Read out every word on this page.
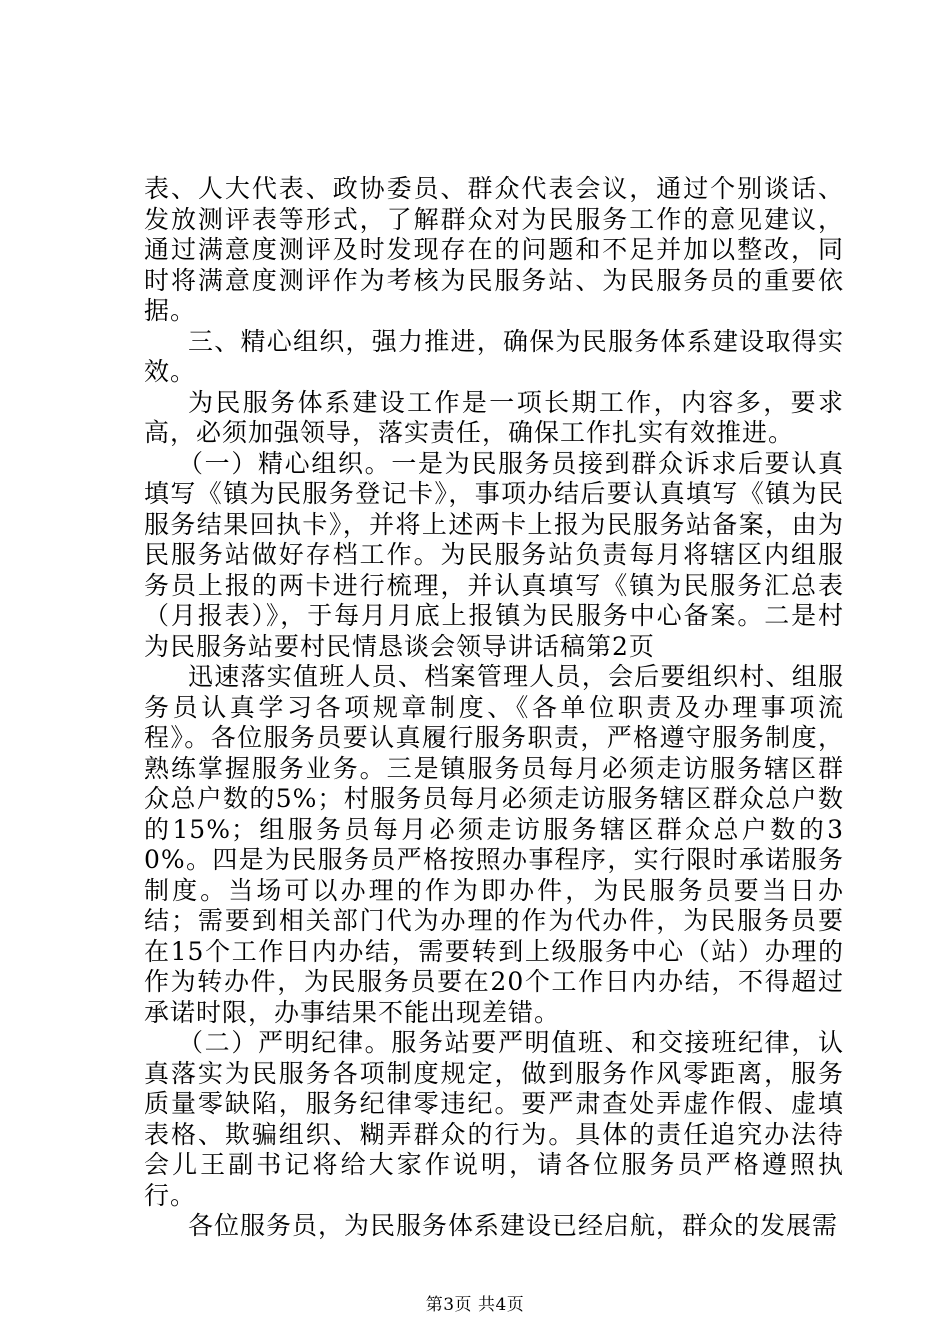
表、人大代表、政协委员、群众代表会议，通过个别谈话、发放测评表等形式，了解群众对为民服务工作的意见建议，通过满意度测评及时发现存在的问题和不足并加以整改，同时将满意度测评作为考核为民服务站、为民服务员的重要依据。

三、精心组织，强力推进，确保为民服务体系建设取得实效。

为民服务体系建设工作是一项长期工作，内容多，要求高，必须加强领导，落实责任，确保工作扎实有效推进。

（一）精心组织。一是为民服务员接到群众诉求后要认真填写《镇为民服务登记卡》，事项办结后要认真填写《镇为民服务结果回执卡》，并将上述两卡上报为民服务站备案，由为民服务站做好存档工作。为民服务站负责每月将辖区内组服务员上报的两卡进行梳理，并认真填写《镇为民服务汇总表（月报表）》，于每月月底上报镇为民服务中心备案。二是村为民服务站要村民情恳谈会领导讲话稿第2页

迅速落实值班人员、档案管理人员，会后要组织村、组服务员认真学习各项规章制度、《各单位职责及办理事项流程》。各位服务员要认真履行服务职责，严格遵守服务制度，熟练掌握服务业务。三是镇服务员每月必须走访服务辖区群众总户数的5%；村服务员每月必须走访服务辖区群众总户数的15%；组服务员每月必须走访服务辖区群众总户数的30%。四是为民服务员严格按照办事程序，实行限时承诺服务制度。当场可以办理的作为即办件，为民服务员要当日办结；需要到相关部门代为办理的作为代办件，为民服务员要在15个工作日内办结，需要转到上级服务中心（站）办理的作为转办件，为民服务员要在20个工作日内办结，不得超过承诺时限，办事结果不能出现差错。

（二）严明纪律。服务站要严明值班、和交接班纪律，认真落实为民服务各项制度规定，做到服务作风零距离，服务质量零缺陷，服务纪律零违纪。要严肃查处弄虚作假、虚填表格、欺骗组织、糊弄群众的行为。具体的责任追究办法待会儿王副书记将给大家作说明，请各位服务员严格遵照执行。

各位服务员，为民服务体系建设已经启航，群众的发展需

第3页 共4页
